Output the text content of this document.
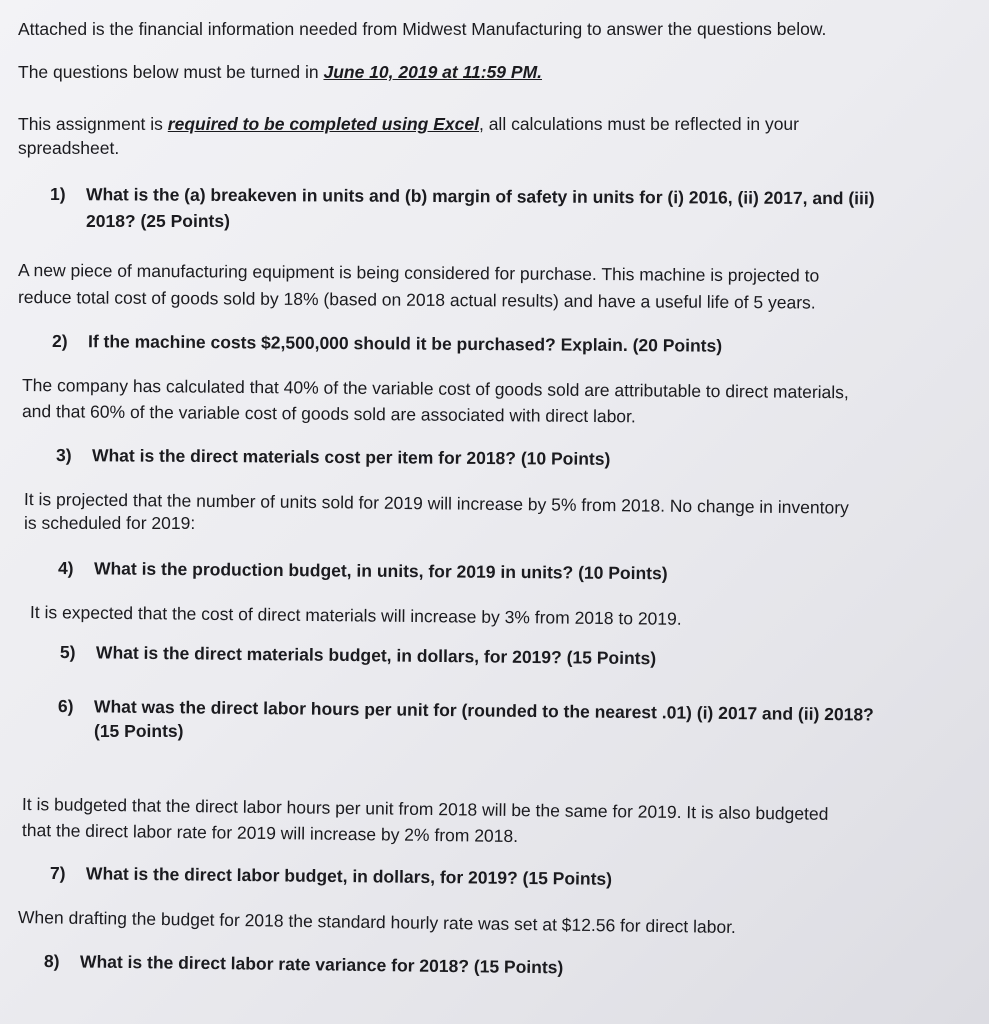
Attached is the financial information needed from Midwest Manufacturing to answer the questions below.
The questions below must be turned in June 10, 2019 at 11:59 PM.
This assignment is required to be completed using Excel, all calculations must be reflected in your
spreadsheet.
1) What is the (a) breakeven in units and (b) margin of safety in units for (i) 2016, (ii) 2017, and (iii)
2018? (25 Points)
A new piece of manufacturing equipment is being considered for purchase. This machine is projected to
reduce total cost of goods sold by 18% (based on 2018 actual results) and have a useful life of 5 years.
2) If the machine costs $2,500,000 should it be purchased? Explain. (20 Points)
The company has calculated that 40% of the variable cost of goods sold are attributable to direct materials,
and that 60% of the variable cost of goods sold are associated with direct labor.
3) What is the direct materials cost per item for 2018? (10 Points)
It is projected that the number of units sold for 2019 will increase by 5% from 2018. No change in inventory
is scheduled for 2019:
4) What is the production budget, in units, for 2019 in units? (10 Points)
It is expected that the cost of direct materials will increase by 3% from 2018 to 2019.
5) What is the direct materials budget, in dollars, for 2019? (15 Points)
6) What was the direct labor hours per unit for (rounded to the nearest .01) (i) 2017 and (ii) 2018?
(15 Points)
It is budgeted that the direct labor hours per unit from 2018 will be the same for 2019. It is also budgeted
that the direct labor rate for 2019 will increase by 2% from 2018.
7) What is the direct labor budget, in dollars, for 2019? (15 Points)
When drafting the budget for 2018 the standard hourly rate was set at $12.56 for direct labor.
8) What is the direct labor rate variance for 2018? (15 Points)
